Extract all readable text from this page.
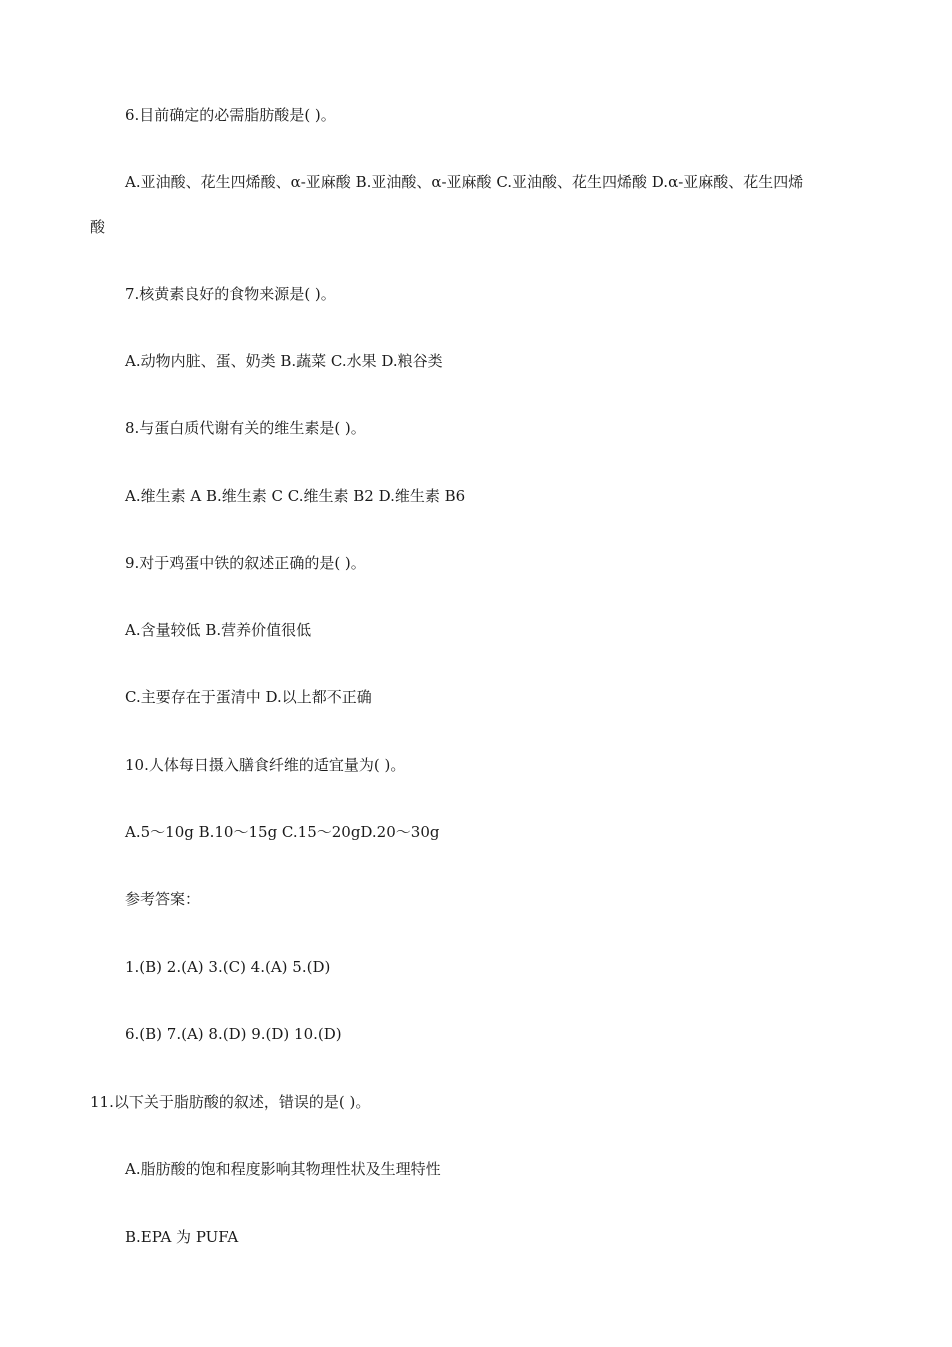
6.目前确定的必需脂肪酸是( )。
A.亚油酸、花生四烯酸、α-亚麻酸 B.亚油酸、α-亚麻酸 C.亚油酸、花生四烯酸 D.α-亚麻酸、花生四烯
酸
7.核黄素良好的食物来源是( )。
A.动物内脏、蛋、奶类 B.蔬菜 C.水果 D.粮谷类
8.与蛋白质代谢有关的维生素是( )。
A.维生素 A B.维生素 C C.维生素 B2 D.维生素 B6
9.对于鸡蛋中铁的叙述正确的是( )。
A.含量较低 B.营养价值很低
C.主要存在于蛋清中 D.以上都不正确
10.人体每日摄入膳食纤维的适宜量为( )。
A.5～10g B.10～15g C.15～20gD.20～30g
参考答案：
1.(B) 2.(A) 3.(C) 4.(A) 5.(D)
6.(B) 7.(A) 8.(D) 9.(D) 10.(D)
11.以下关于脂肪酸的叙述，错误的是( )。
A.脂肪酸的饱和程度影响其物理性状及生理特性
B.EPA 为 PUFA
